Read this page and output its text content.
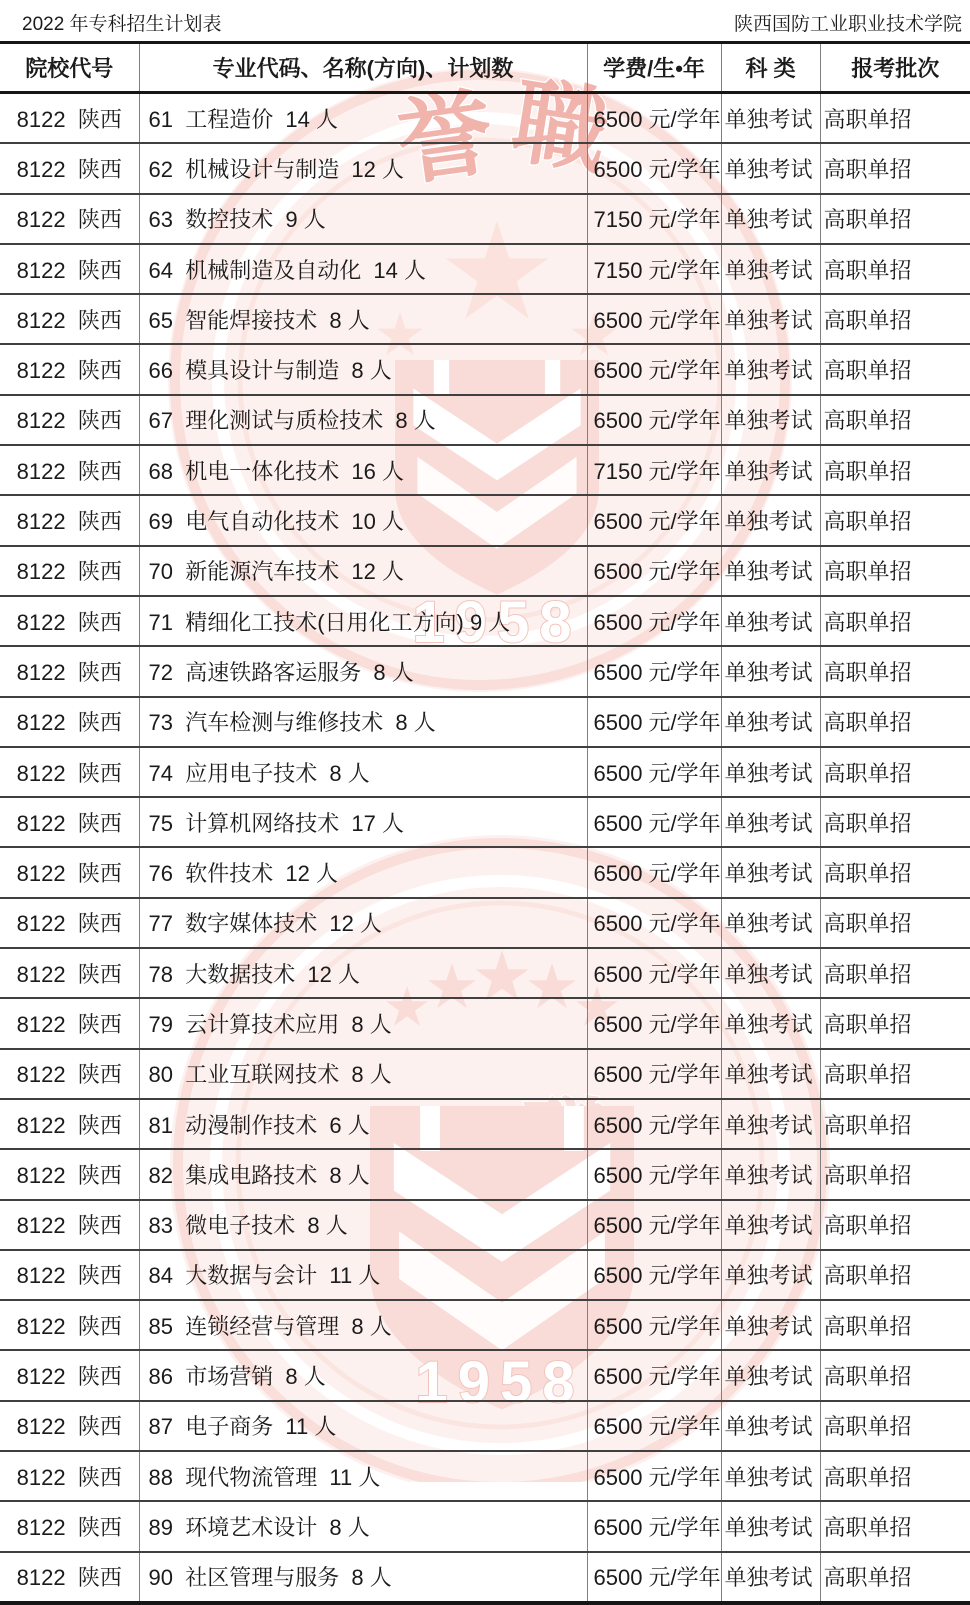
誉 職
1958
1958
2022 年专科招生计划表	陕西国防工业职业技术学院
院校代号	专业代码、名称(方向)、计划数	学费/生•年	科 类	报考批次
8122  陕西	61  工程造价  14 人	6500 元/学年	单独考试	高职单招
8122  陕西	62  机械设计与制造  12 人	6500 元/学年	单独考试	高职单招
8122  陕西	63  数控技术  9 人	7150 元/学年	单独考试	高职单招
8122  陕西	64  机械制造及自动化  14 人	7150 元/学年	单独考试	高职单招
8122  陕西	65  智能焊接技术  8 人	6500 元/学年	单独考试	高职单招
8122  陕西	66  模具设计与制造  8 人	6500 元/学年	单独考试	高职单招
8122  陕西	67  理化测试与质检技术  8 人	6500 元/学年	单独考试	高职单招
8122  陕西	68  机电一体化技术  16 人	7150 元/学年	单独考试	高职单招
8122  陕西	69  电气自动化技术  10 人	6500 元/学年	单独考试	高职单招
8122  陕西	70  新能源汽车技术  12 人	6500 元/学年	单独考试	高职单招
8122  陕西	71  精细化工技术(日用化工方向) 9 人	6500 元/学年	单独考试	高职单招
8122  陕西	72  高速铁路客运服务  8 人	6500 元/学年	单独考试	高职单招
8122  陕西	73  汽车检测与维修技术  8 人	6500 元/学年	单独考试	高职单招
8122  陕西	74  应用电子技术  8 人	6500 元/学年	单独考试	高职单招
8122  陕西	75  计算机网络技术  17 人	6500 元/学年	单独考试	高职单招
8122  陕西	76  软件技术  12 人	6500 元/学年	单独考试	高职单招
8122  陕西	77  数字媒体技术  12 人	6500 元/学年	单独考试	高职单招
8122  陕西	78  大数据技术  12 人	6500 元/学年	单独考试	高职单招
8122  陕西	79  云计算技术应用  8 人	6500 元/学年	单独考试	高职单招
8122  陕西	80  工业互联网技术  8 人	6500 元/学年	单独考试	高职单招
8122  陕西	81  动漫制作技术  6 人	6500 元/学年	单独考试	高职单招
8122  陕西	82  集成电路技术  8 人	6500 元/学年	单独考试	高职单招
8122  陕西	83  微电子技术  8 人	6500 元/学年	单独考试	高职单招
8122  陕西	84  大数据与会计  11 人	6500 元/学年	单独考试	高职单招
8122  陕西	85  连锁经营与管理  8 人	6500 元/学年	单独考试	高职单招
8122  陕西	86  市场营销  8 人	6500 元/学年	单独考试	高职单招
8122  陕西	87  电子商务  11 人	6500 元/学年	单独考试	高职单招
8122  陕西	88  现代物流管理  11 人	6500 元/学年	单独考试	高职单招
8122  陕西	89  环境艺术设计  8 人	6500 元/学年	单独考试	高职单招
8122  陕西	90  社区管理与服务  8 人	6500 元/学年	单独考试	高职单招
